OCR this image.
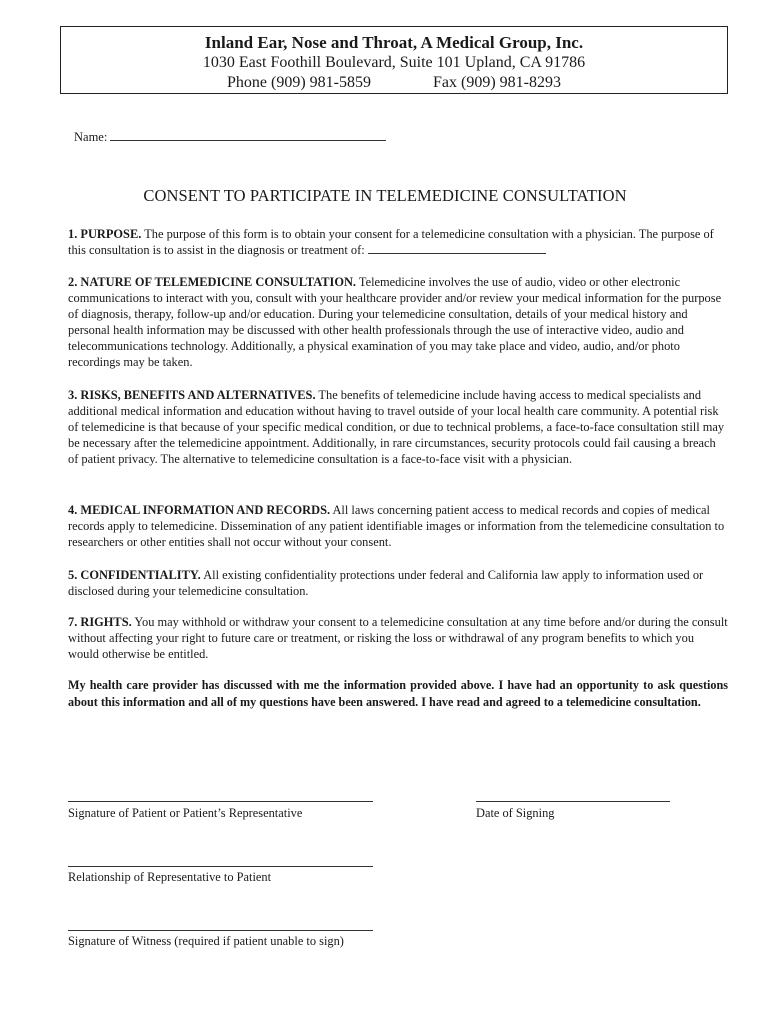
Inland Ear, Nose and Throat, A Medical Group, Inc.
1030 East Foothill Boulevard, Suite 101 Upland, CA 91786
Phone (909) 981-5859	Fax (909) 981-8293
Name:
CONSENT TO PARTICIPATE IN TELEMEDICINE CONSULTATION

1. PURPOSE. The purpose of this form is to obtain your consent for a telemedicine consultation with a physician. The purpose of this consultation is to assist in the diagnosis or treatment of:

2. NATURE OF TELEMEDICINE CONSULTATION. Telemedicine involves the use of audio, video or other electronic communications to interact with you, consult with your healthcare provider and/or review your medical information for the purpose of diagnosis, therapy, follow-up and/or education. During your telemedicine consultation, details of your medical history and personal health information may be discussed with other health professionals through the use of interactive video, audio and telecommunications technology. Additionally, a physical examination of you may take place and video, audio, and/or photo recordings may be taken.

3. RISKS, BENEFITS AND ALTERNATIVES. The benefits of telemedicine include having access to medical specialists and additional medical information and education without having to travel outside of your local health care community. A potential risk of telemedicine is that because of your specific medical condition, or due to technical problems, a face-to-face consultation still may be necessary after the telemedicine appointment. Additionally, in rare circumstances, security protocols could fail causing a breach of patient privacy. The alternative to telemedicine consultation is a face-to-face visit with a physician.

4. MEDICAL INFORMATION AND RECORDS. All laws concerning patient access to medical records and copies of medical records apply to telemedicine. Dissemination of any patient identifiable images or information from the telemedicine consultation to researchers or other entities shall not occur without your consent.

5. CONFIDENTIALITY. All existing confidentiality protections under federal and California law apply to information used or disclosed during your telemedicine consultation.

7. RIGHTS. You may withhold or withdraw your consent to a telemedicine consultation at any time before and/or during the consult without affecting your right to future care or treatment, or risking the loss or withdrawal of any program benefits to which you would otherwise be entitled.

My health care provider has discussed with me the information provided above. I have had an opportunity to ask questions about this information and all of my questions have been answered. I have read and agreed to a telemedicine consultation.
Signature of Patient or Patient’s Representative	Date of Signing
Relationship of Representative to Patient
Signature of Witness (required if patient unable to sign)
